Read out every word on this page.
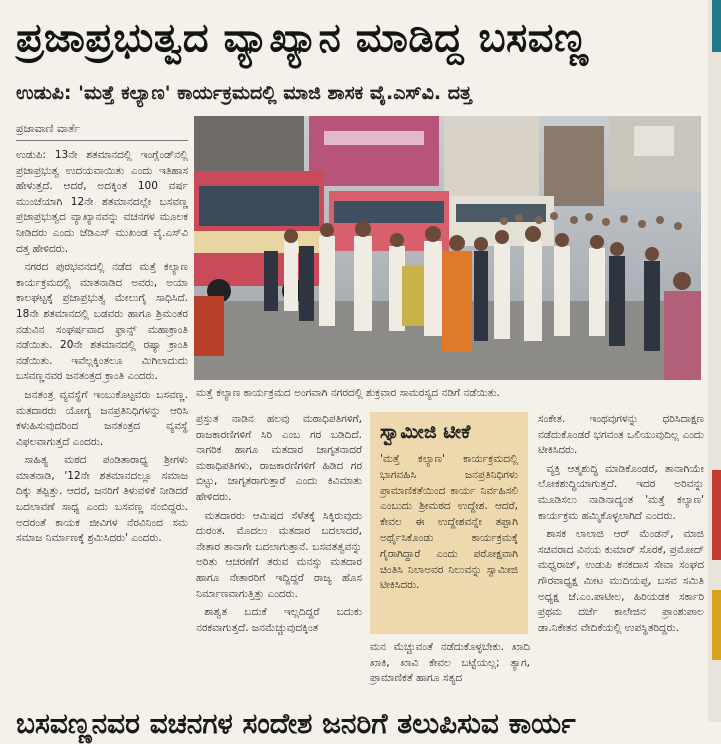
ಪ್ರಜಾಪ್ರಭುತ್ವದ ವ್ಯಾಖ್ಯಾನ ಮಾಡಿದ್ದ ಬಸವಣ್ಣ
ಉಡುಪಿ: 'ಮತ್ತೆ ಕಲ್ಯಾಣ' ಕಾರ್ಯಕ್ರಮದಲ್ಲಿ ಮಾಜಿ ಶಾಸಕ ವೈ.ಎಸ್‌ವಿ. ದತ್ತ
ಪ್ರಜಾವಾಣಿ ವಾರ್ತೆ

ಉಡುಪಿ: 13ನೇ ಶತಮಾನದಲ್ಲಿ ಇಂಗ್ಲೆಂಡ್‌ನಲ್ಲಿ ಪ್ರಜಾಪ್ರಭುತ್ವ ಉದಯವಾಯಿತು ಎಂದು ಇತಿಹಾಸ ಹೇಳುತ್ತದೆ. ಆದರೆ, ಅದಕ್ಕಿಂತ 100 ವರ್ಷ ಮುಂಚೆಯಾಗಿ 12ನೇ ಶತಮಾನದಲ್ಲೇ ಬಸವಣ್ಣ ಪ್ರಜಾಪ್ರಭುತ್ವದ ವ್ಯಾಖ್ಯಾನವನ್ನು ವಚನಗಳ ಮೂಲಕ ನೀಡಿದರು ಎಂದು ಜೆಡಿಎಸ್ ಮುಖಂಡ ವೈ.ಎಸ್‌ವಿ ದತ್ತ ಹೇಳಿದರು.

ನಗರದ ಪುರಭವನದಲ್ಲಿ ನಡೆದ ಮತ್ತೆ ಕಲ್ಯಾಣ ಕಾರ್ಯಕ್ರಮದಲ್ಲಿ ಮಾತನಾಡಿದ ಅವರು, ಅಯಾ ಕಾಲಘಟ್ಟಕ್ಕೆ ಪ್ರಜಾಪ್ರಭುತ್ವ ಮೇಲುಗೈ ಸಾಧಿಸಿದೆ. 18ನೇ ಶತಮಾನದಲ್ಲಿ ಬಡವರು ಹಾಗೂ ಶ್ರಿಮಂತರ ನಡುವಿನ ಸಂಘರ್ಷವಾದ ಫ್ರಾನ್ಸ್ ಮಹಾಕ್ರಾಂತಿ ನಡೆಯಿತು. 20ನೇ ಶತಮಾನದಲ್ಲಿ ರಷ್ಯಾ ಕ್ರಾಂತಿ ನಡೆಯಿತು. ಇವೆಲ್ಲಕ್ಕಿಂತಲೂ ಮಿಗಿಲಾದುದು ಬಸವಣ್ಣನವರ ಜನತಂತ್ರದ ಕ್ರಾಂತಿ ಎಂದರು.

ಜನತಂತ್ರ ವ್ಯವಸ್ಥೆಗೆ ಇಂಬುಕೊಟ್ಟವರು ಬಸವಣ್ಣ. ಮತದಾರರು ಯೋಗ್ಯ ಜನಪ್ರತಿನಿಧಿಗಳನ್ನು ಆರಿಸಿ ಕಳುಹಿಸುವುದರಿಂದ ಜನತಂತ್ರದ ವ್ಯವಸ್ಥೆ ವಿಫಲವಾಗುತ್ತದೆ ಎಂದರು.

ಸಾಹಿತ್ಯ ಮಠದ ಪಂಡಿತಾರಾಧ್ಯ ಶ್ರೀಗಳು ಮಾತನಾಡಿ, '12ನೇ ಶತಮಾನದಲ್ಲೂ ಸಮಾಜ ದಿಕ್ಕು ತಪ್ಪಿತ್ತು. ಆದರೆ, ಜನರಿಗೆ ತಿಳುವಳಿಕೆ ನೀಡಿದರೆ ಬದಲಾವಣೆ ಸಾಧ್ಯ ಎಂದು ಬಸವಣ್ಣ ನಂಬಿದ್ದರು. ಅದರಂತೆ ಕಾಯಕ ಜೀವಿಗಳ ನೆರವಿನಿಂದ ಸಮ ಸಮಾಜ ನಿರ್ಮಾಣಕ್ಕೆ ಶ್ರಮಿಸಿದರು' ಎಂದರು.

ಮತ್ತೆ ಕಲ್ಯಾಣ ಕಾರ್ಯಕ್ರಮದ ಅಂಗವಾಗಿ ನಗರದಲ್ಲಿ ಶುಕ್ರವಾರ ಸಾಮರಸ್ಯದ ನಡಿಗೆ ನಡೆಯಿತು.

ಪ್ರಸ್ತುತ ನಾಡಿನ ಹಲವು ಮಠಾಧಿಪತಿಗಳಿಗೆ, ರಾಜಕಾರಣಿಗಳಿಗೆ ಸಿರಿ ಎಂಬ ಗರ ಬಡಿದಿದೆ. ನಾಗರಿಕ ಹಾಗೂ ಮತದಾರ ಜಾಗೃತನಾದರೆ ಮಠಾಧಿಪತಿಗಳು, ರಾಜಕಾರಣಿಗಳಿಗೆ ಹಿಡಿದ ಗರ ಬಿಟ್ಟು, ಜಾಗೃತರಾಗುತ್ತಾರೆ ಎಂದು ಕಿವಿಮಾತು ಹೇಳಿದರು.

ಮತದಾರರು ಆಮಿಷದ ಸೆಳೆತಕ್ಕೆ ಸಿಕ್ಕಿರುವುದು ದುರಂತ. ಮೊದಲು ಮತದಾರ ಬದಲಾದರೆ, ನೇತಾರ ತಾನಾಗೇ ಬದಲಾಗುತ್ತಾನೆ. ಬಸವತತ್ವವನ್ನು ಅರಿತು ಆಚರಣೆಗೆ ತರುವ ಮನಸ್ಸು ಮತದಾರ ಹಾಗೂ ನೇತಾರರಿಗೆ ಇದ್ದಿದ್ದರೆ ರಾಜ್ಯ ಹೊಸ ನಿರ್ಮಾಣವಾಗುತ್ತಿತ್ತು ಎಂದರು.

ಶಾಶ್ವತ ಬದುಕೆ ಇಲ್ಲದಿದ್ದರೆ ಬದುಕು ನರಕವಾಗುತ್ತದೆ. ಜನಮೆಚ್ಚುವುದಕ್ಕಿಂತ

ಸ್ವಾಮೀಜಿ ಟೀಕೆ
'ಮತ್ತೆ ಕಲ್ಯಾಣ' ಕಾರ್ಯಕ್ರಮದಲ್ಲಿ ಭಾಗವಹಿಸಿ ಜನಪ್ರತಿನಿಧಿಗಳು ಪ್ರಾಮಾಣಿಕತೆಯಿಂದ ಕಾರ್ಯ ನಿರ್ವಹಿಸಲಿ ಎಂಬುದು ಶ್ರೀಮಠದ ಉದ್ದೇಶ. ಆದರೆ, ಕೇವಲ ಈ ಉದ್ದೇಶವನ್ನೇ ತಪ್ಪಾಗಿ ಅರ್ಥೈಸಿಕೊಂಡು ಕಾರ್ಯಕ್ರಮಕ್ಕೆ ಗೈರಾಗಿದ್ದಾರೆ ಎಂದು ಪರೋಕ್ಷವಾಗಿ ಚಿಂತಿಸಿ ನಿಲಾಅವರ ನಿಲುವನ್ನು ಸ್ವಾಮೀಜಿ ಟೀಕಿಸಿದರು.

ಮನ ಮೆಚ್ಚುವಂತೆ ನಡೆದುಕೊಳ್ಳಬೇಕು. ಖಾದಿ ಖಾಕಿ, ಖಾವಿ ಕೇವಲ ಬಟ್ಟೆಯಲ್ಲ; ತ್ಯಾಗ, ಪ್ರಾಮಾಣಿಕತೆ ಹಾಗೂ ಸತ್ಯದ

ಸಂಕೇತ. ಇಂಥವುಗಳನ್ನು ಧರಿಸಿದಾಕ್ಷಣ ನಡೆದುಕೊಂಡರೆ ಭಗವಂತ ಒಲಿಯುವುದಿಲ್ಲ ಎಂದು ಟೀಕಿಸಿದರು.

ವ್ಯಕ್ತಿ ಆತ್ಮಶುದ್ಧಿ ಮಾಡಿಕೊಂಡರೆ, ತಾನಾಗಿಯೇ ಲೋಕಶುದ್ಧಿಯಾಗುತ್ತದೆ. ಇದರ ಅರಿವನ್ನು ಮೂಡಿಸಲು ನಾಡಿನಾದ್ಯಂತ 'ಮತ್ತೆ ಕಲ್ಯಾಣ' ಕಾರ್ಯಕ್ರಮ ಹಮ್ಮಿಕೊಳ್ಳಲಾಗಿದೆ ಎಂದರು.

ಶಾಸಕ ಲಾಲಾಜಿ ಆರ್ ಮೆಂಡನ್, ಮಾಜಿ ಸಚಿವರಾದ ವಿನಯ ಕುಮಾರ್ ಸೊರಕೆ, ಪ್ರಮೋದ್ ಮಧ್ವರಾಜ್, ಉಡುಪಿ ಕನಕದಾಸ ಸೇವಾ ಸಂಘದ ಗೌರವಾಧ್ಯಕ್ಷ ಮೀಟ ಮುದಿಯಪ್ಪ, ಬಸವ ಸಮಿತಿ ಅಧ್ಯಕ್ಷ ಜೆ.ಎಂ.ಪಾಟೀಲ, ಹಿರಿಯಡಕ ಸರ್ಕಾರಿ ಪ್ರಥಮ ದರ್ಜೆ ಕಾಲೇಜಿನ ಪ್ರಾಂಶುಪಾಲ ಡಾ.ನಿಕೇತನ ವೇದಿಕೆಯಲ್ಲಿ ಉಪಸ್ಥಿತರಿದ್ದರು.

ಬಸವಣ್ಣನವರ ವಚನಗಳ ಸಂದೇಶ ಜನರಿಗೆ ತಲುಪಿಸುವ ಕಾರ್ಯ
